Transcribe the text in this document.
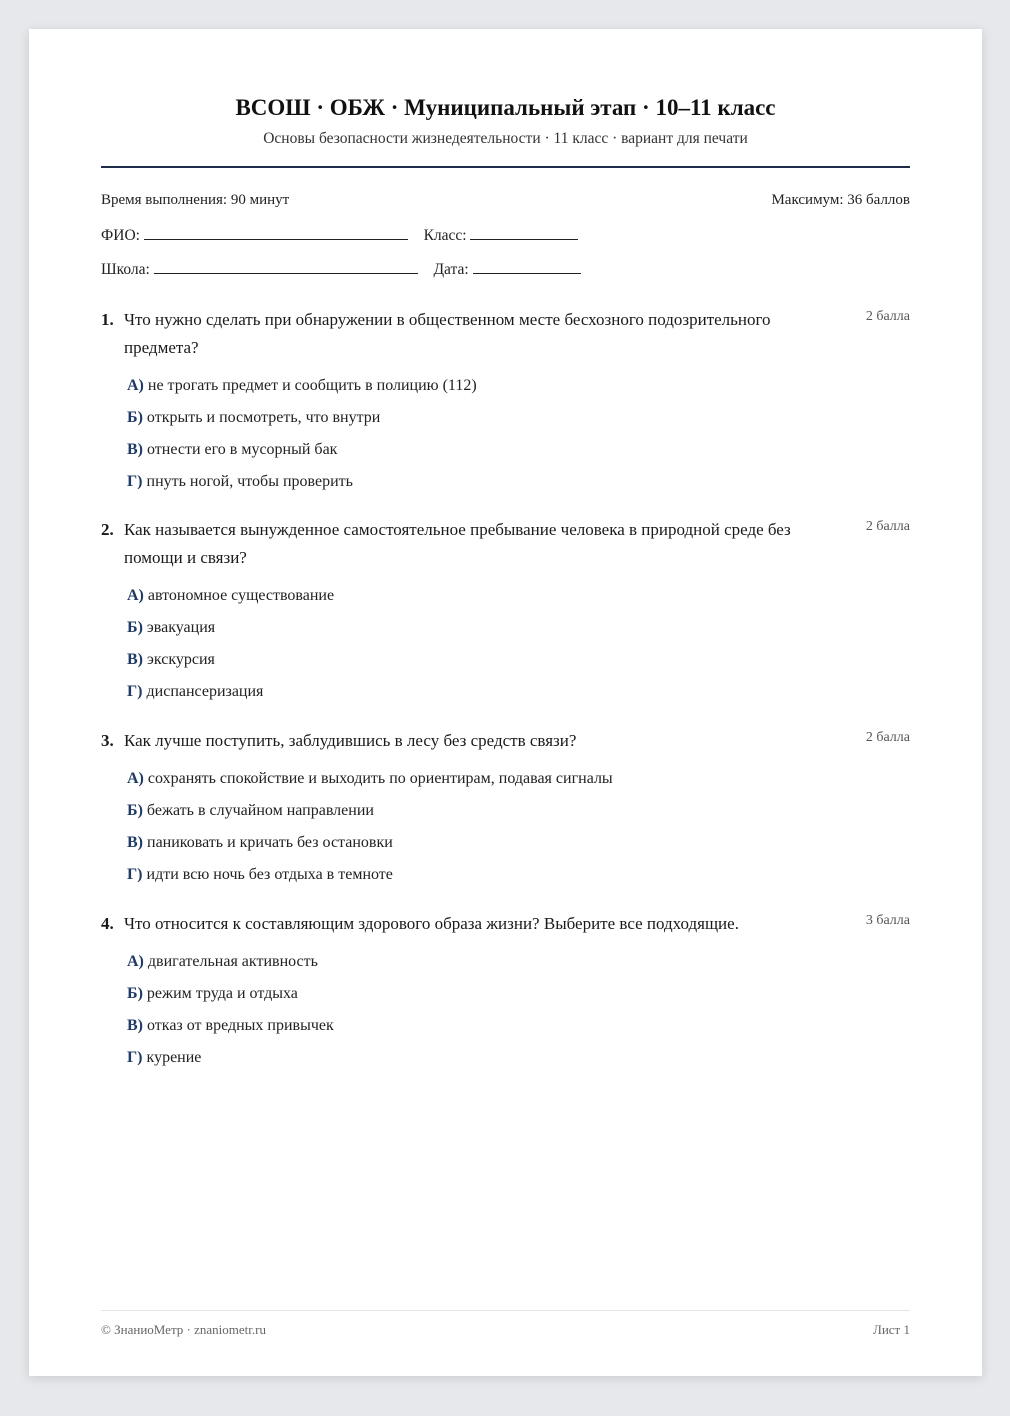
ВСОШ · ОБЖ · Муниципальный этап · 10–11 класс

Основы безопасности жизнедеятельности · 11 класс · вариант для печати

Время выполнения: 90 минут	Максимум: 36 баллов
ФИО:	Класс:
Школа:	Дата:
1. Что нужно сделать при обнаружении в общественном месте бесхозного подозрительного предмета?
2 балла
А) не трогать предмет и сообщить в полицию (112)
Б) открыть и посмотреть, что внутри
В) отнести его в мусорный бак
Г) пнуть ногой, чтобы проверить
2. Как называется вынужденное самостоятельное пребывание человека в природной среде без помощи и связи?
2 балла
А) автономное существование
Б) эвакуация
В) экскурсия
Г) диспансеризация
3. Как лучше поступить, заблудившись в лесу без средств связи?	2 балла
А) сохранять спокойствие и выходить по ориентирам, подавая сигналы
Б) бежать в случайном направлении
В) паниковать и кричать без остановки
Г) идти всю ночь без отдыха в темноте
4. Что относится к составляющим здорового образа жизни? Выберите все подходящие.	3 балла
А) двигательная активность
Б) режим труда и отдыха
В) отказ от вредных привычек
Г) курение
© ЗнаниоМетр · znaniometr.ru	Лист 1
